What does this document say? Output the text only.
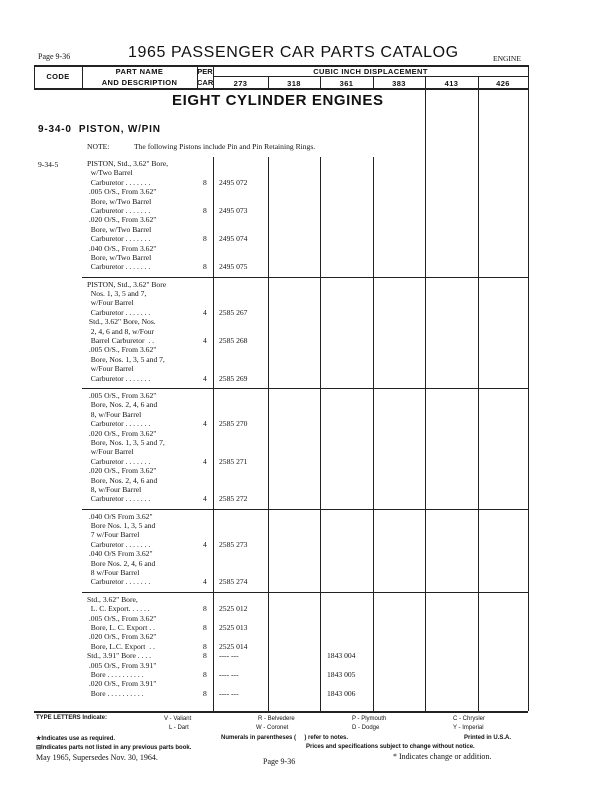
Page 9-36	1965 PASSENGER CAR PARTS CATALOG	ENGINE
CODE
PART NAME
AND DESCRIPTION
PER
CAR
CUBIC INCH DISPLACEMENT
273	318	361	383	413	426
EIGHT CYLINDER ENGINES
9-34-0  PISTON, W/PIN
NOTE:	The following Pistons include Pin and Pin Retaining Rings.
9-34-5	PISTON, Std., 3.62" Bore,
w/Two Barrel
Carburetor . . . . . . .	8 2495 072
.005 O/S., From 3.62"
Bore, w/Two Barrel
Carburetor . . . . . . .	8 2495 073
.020 O/S., From 3.62"
Bore, w/Two Barrel
Carburetor . . . . . . .	8 2495 074
.040 O/S., From 3.62"
Bore, w/Two Barrel
Carburetor . . . . . . .	8 2495 075
PISTON, Std., 3.62" Bore
Nos. 1, 3, 5 and 7,
w/Four Barrel
Carburetor . . . . . . .	4 2585 267
Std., 3.62" Bore, Nos.
2, 4, 6 and 8, w/Four
Barrel Carburetor  . .	4 2585 268
.005 O/S., From 3.62"
Bore, Nos. 1, 3, 5 and 7,
w/Four Barrel
Carburetor . . . . . . .	4 2585 269
.005 O/S., From 3.62"
Bore, Nos. 2, 4, 6 and
8, w/Four Barrel
Carburetor . . . . . . .	4 2585 270
.020 O/S., From 3.62"
Bore, Nos. 1, 3, 5 and 7,
w/Four Barrel
Carburetor . . . . . . .	4 2585 271
.020 O/S., From 3.62"
Bore, Nos. 2, 4, 6 and
8, w/Four Barrel
Carburetor . . . . . . .	4 2585 272
.040 O/S From 3.62"
Bore Nos. 1, 3, 5 and
7 w/Four Barrel
Carburetor . . . . . . .	4 2585 273
.040 O/S From 3.62"
Bore Nos. 2, 4, 6 and
8 w/Four Barrel
Carburetor . . . . . . .	4 2585 274
Std., 3.62" Bore,
L. C. Export. . . . . .	8 2525 012
.005 O/S., From 3.62"
Bore, L. C. Export . .	8 2525 013
.020 O/S., From 3.62"
Bore, L.C. Export  . .	8 2525 014
Std., 3.91" Bore . . . .	8 ---- ---	1843 004
.005 O/S., From 3.91"
Bore . . . . . . . . . .	8 ---- ---	1843 005
.020 O/S., From 3.91"
Bore . . . . . . . . . .	8 ---- ---	1843 006
TYPE LETTERS Indicate:	V - Valiant
L - Dart
R - Belvedere
W - Coronet
P - Plymouth
D - Dodge
C - Chrysler
Y - Imperial
★Indicates use as required.	Numerals in parentheses (     ) refer to notes.	Printed in U.S.A.
⊟Indicates parts not listed in any previous parts book.	Prices and specifications subject to change without notice.
May 1965, Supersedes Nov. 30, 1964.	Page 9-36
* Indicates change or addition.
